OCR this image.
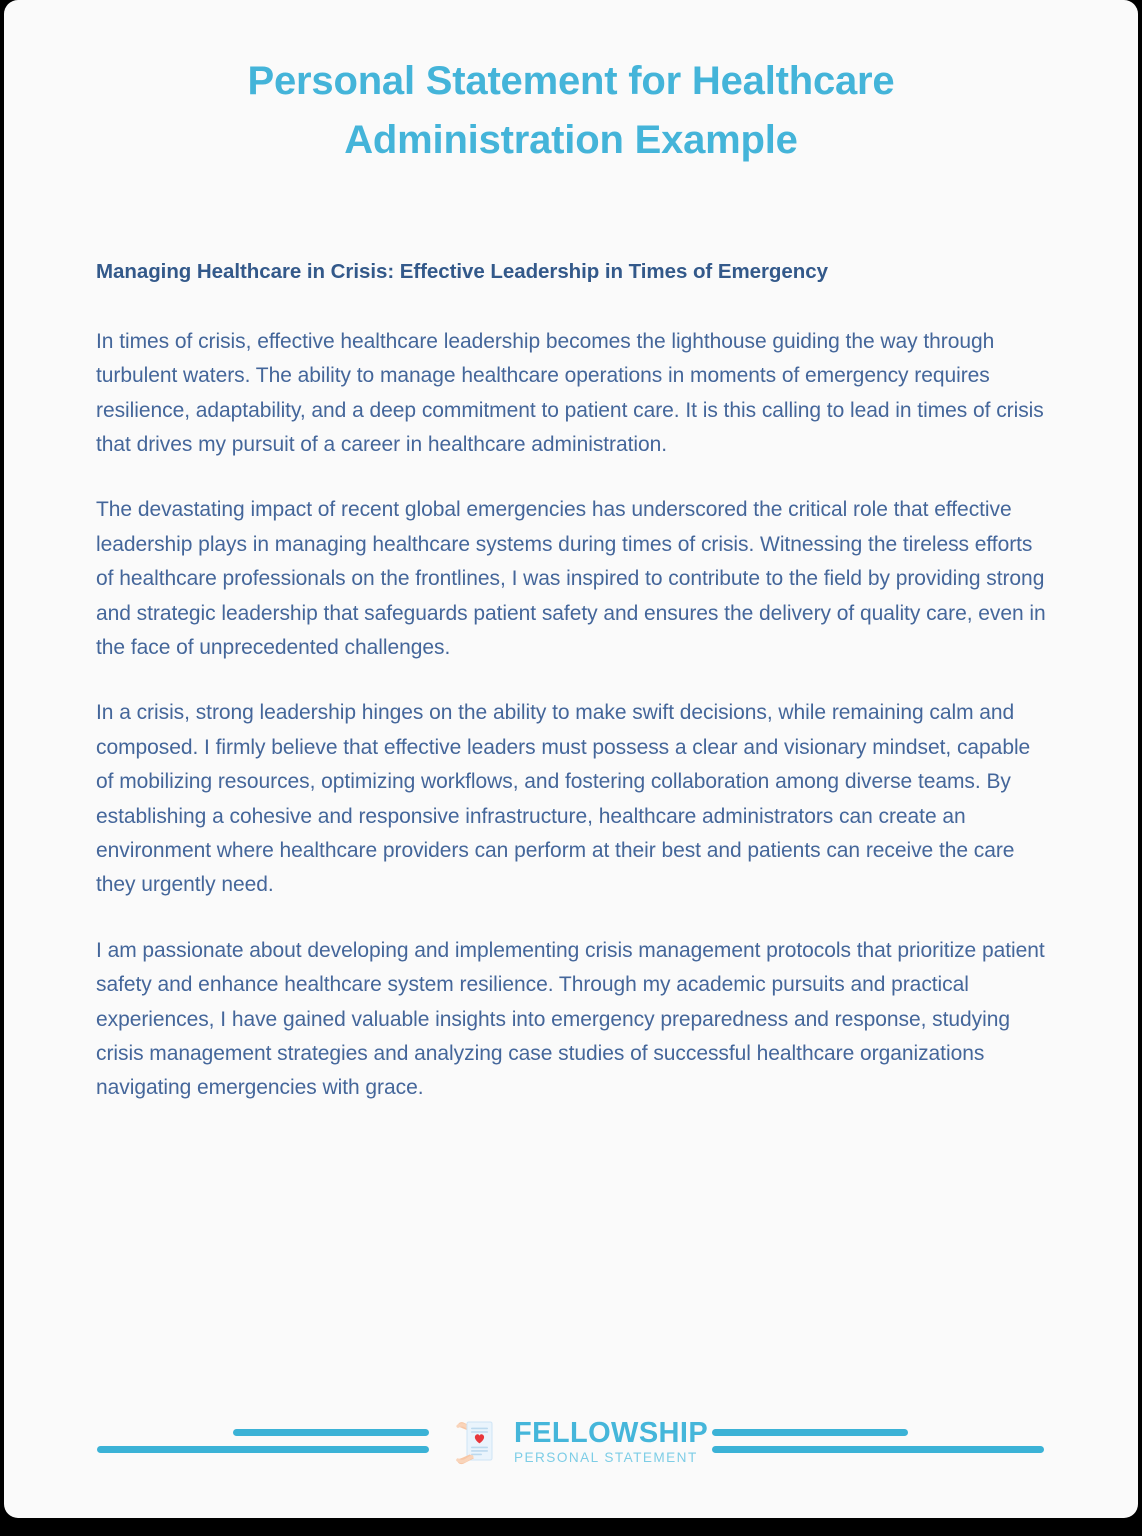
Personal Statement for Healthcare Administration Example
Managing Healthcare in Crisis: Effective Leadership in Times of Emergency

In times of crisis, effective healthcare leadership becomes the lighthouse guiding the way through turbulent waters. The ability to manage healthcare operations in moments of emergency requires resilience, adaptability, and a deep commitment to patient care. It is this calling to lead in times of crisis that drives my pursuit of a career in healthcare administration.

The devastating impact of recent global emergencies has underscored the critical role that effective leadership plays in managing healthcare systems during times of crisis. Witnessing the tireless efforts of healthcare professionals on the frontlines, I was inspired to contribute to the field by providing strong and strategic leadership that safeguards patient safety and ensures the delivery of quality care, even in the face of unprecedented challenges.

In a crisis, strong leadership hinges on the ability to make swift decisions, while remaining calm and composed. I firmly believe that effective leaders must possess a clear and visionary mindset, capable of mobilizing resources, optimizing workflows, and fostering collaboration among diverse teams. By establishing a cohesive and responsive infrastructure, healthcare administrators can create an environment where healthcare providers can perform at their best and patients can receive the care they urgently need.

I am passionate about developing and implementing crisis management protocols that prioritize patient safety and enhance healthcare system resilience. Through my academic pursuits and practical experiences, I have gained valuable insights into emergency preparedness and response, studying crisis management strategies and analyzing case studies of successful healthcare organizations navigating emergencies with grace.

FELLOWSHIP
PERSONAL STATEMENT
